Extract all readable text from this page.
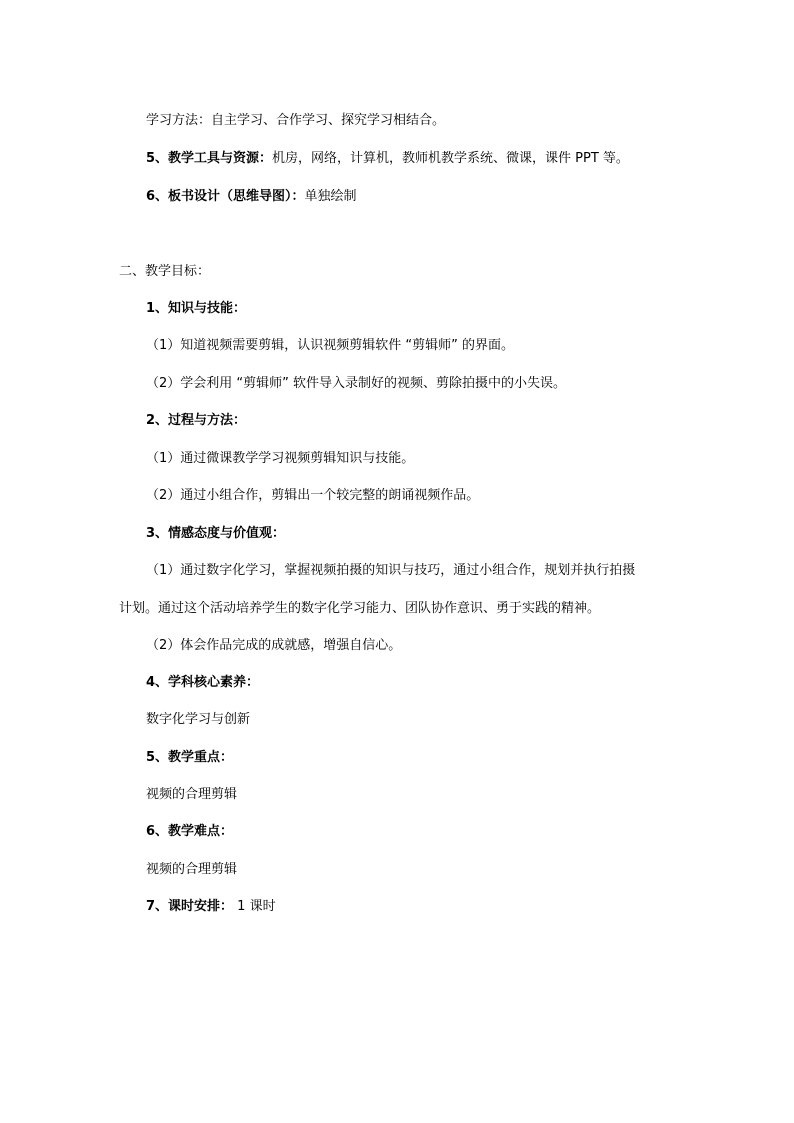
学习方法：自主学习、合作学习、探究学习相结合。
5、教学工具与资源：机房，网络，计算机，教师机教学系统、微课，课件 PPT 等。
6、板书设计（思维导图）：单独绘制
二、教学目标：
1、知识与技能：
（1）知道视频需要剪辑，认识视频剪辑软件 “剪辑师” 的界面。
（2）学会利用 “剪辑师” 软件导入录制好的视频、剪除拍摄中的小失误。
2、过程与方法：
（1）通过微课教学学习视频剪辑知识与技能。
（2）通过小组合作，剪辑出一个较完整的朗诵视频作品。
3、情感态度与价值观：
（1）通过数字化学习，掌握视频拍摄的知识与技巧，通过小组合作，规划并执行拍摄
计划。通过这个活动培养学生的数字化学习能力、团队协作意识、勇于实践的精神。
（2）体会作品完成的成就感，增强自信心。
4、学科核心素养：
数字化学习与创新
5、教学重点：
视频的合理剪辑
6、教学难点：
视频的合理剪辑
7、课时安排： 1 课时
